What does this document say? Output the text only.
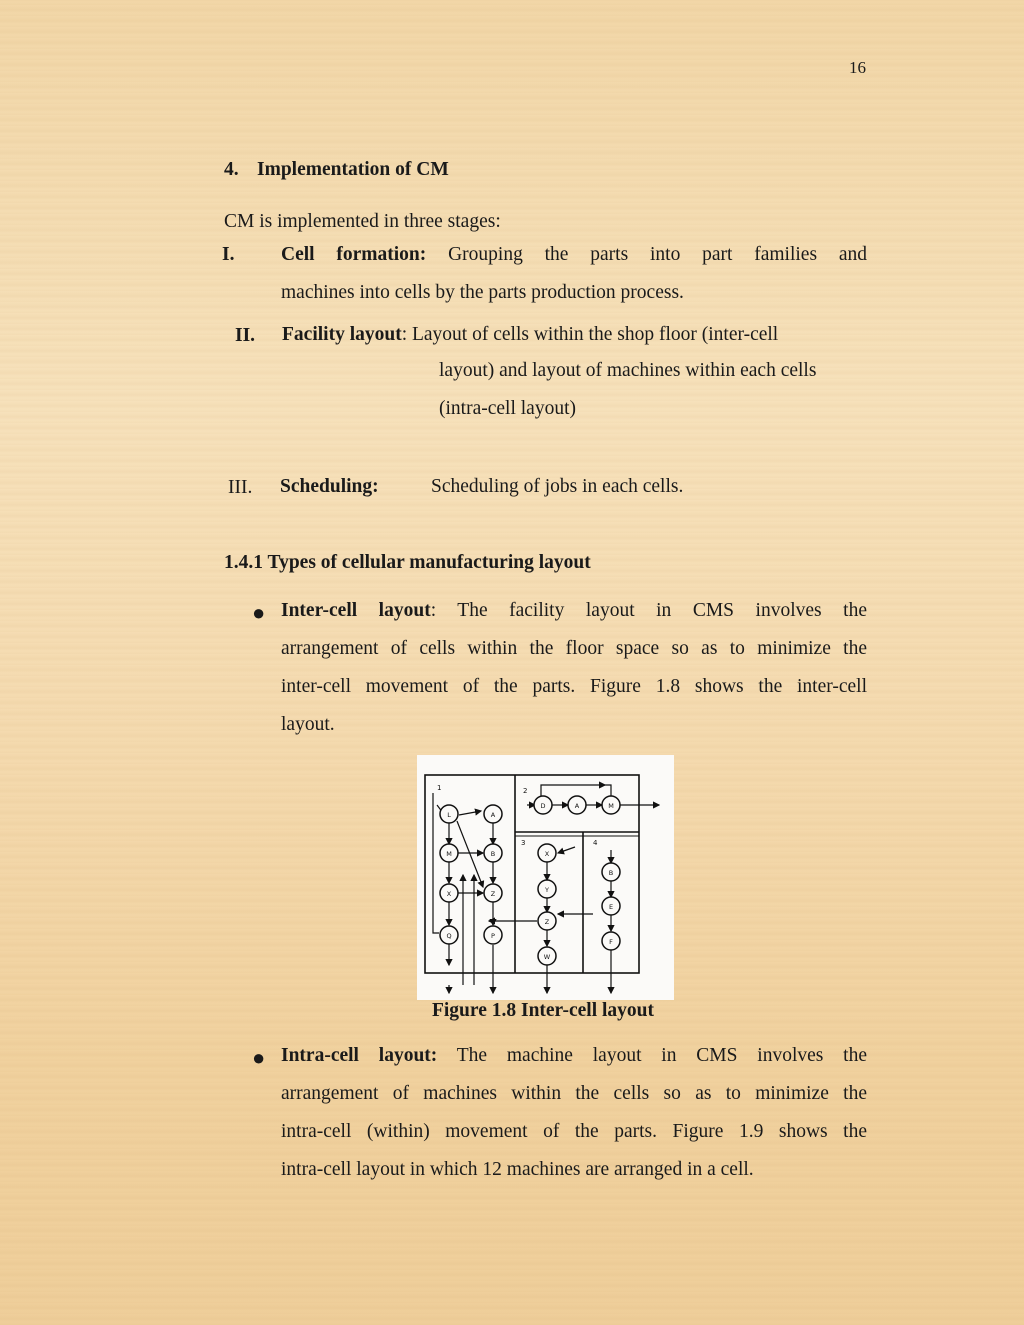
16
4. Implementation of CM
CM is implemented in three stages:
I. Cell formation: Grouping the parts into part families and
machines into cells by the parts production process.
II. Facility layout: Layout of cells within the shop floor (inter-cell
layout) and layout of machines within each cells
(intra-cell layout)
III. Scheduling:	Scheduling of jobs in each cells.
1.4.1 Types of cellular manufacturing layout
● Inter-cell layout: The facility layout in CMS involves the
arrangement of cells within the floor space so as to minimize the
inter-cell movement of the parts. Figure 1.8 shows the inter-cell
layout.
1	2
3	4
L	A
M	B
X	Z
Q	P
D	A	M
X
Y
Z
W
B
E
F
Figure 1.8 Inter-cell layout
● Intra-cell layout: The machine layout in CMS involves the
arrangement of machines within the cells so as to minimize the
intra-cell (within) movement of the parts. Figure 1.9 shows the
intra-cell layout in which 12 machines are arranged in a cell.
